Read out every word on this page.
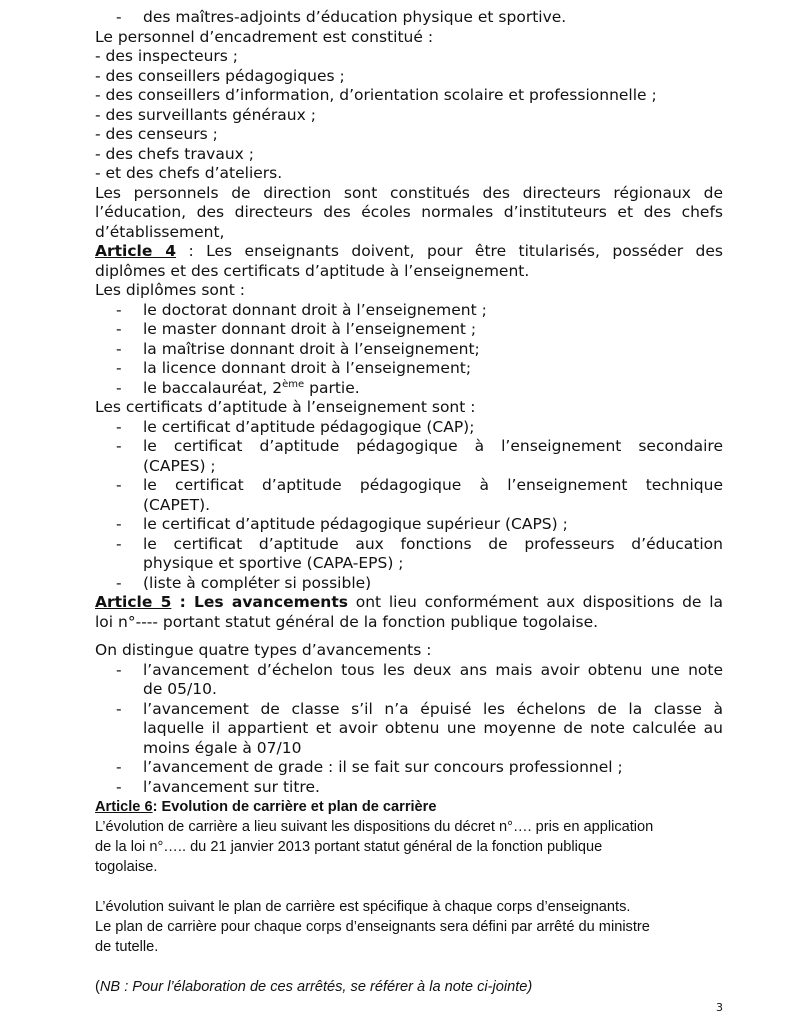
- des maîtres-adjoints d’éducation physique et sportive.

Le personnel d’encadrement est constitué :

- des inspecteurs ;

- des conseillers pédagogiques ;

- des conseillers d’information, d’orientation scolaire et professionnelle ;

- des surveillants généraux ;

- des censeurs ;

- des chefs travaux ;

- et des chefs d’ateliers.

Les personnels de direction sont constitués des directeurs régionaux de

l’éducation, des directeurs des écoles normales d’instituteurs et des chefs

d’établissement,

Article 4 : Les enseignants doivent, pour être titularisés, posséder des

diplômes et des certificats d’aptitude à l’enseignement.

Les diplômes sont :

- le doctorat donnant droit à l’enseignement ;

- le master donnant droit à l’enseignement ;

- la maîtrise donnant droit à l’enseignement;

- la licence donnant droit à l’enseignement;

- le baccalauréat, 2ème partie.

Les certificats d’aptitude à l’enseignement sont :

- le certificat d’aptitude pédagogique (CAP);

- le certificat d’aptitude pédagogique à l’enseignement secondaire

(CAPES) ;

- le certificat d’aptitude pédagogique à l’enseignement technique

(CAPET).

- le certificat d’aptitude pédagogique supérieur (CAPS) ;

- le certificat d’aptitude aux fonctions de professeurs d’éducation

physique et sportive (CAPA-EPS) ;

- (liste à compléter si possible)

Article 5 : Les avancements ont lieu conformément aux dispositions de la

loi n°---- portant statut général de la fonction publique togolaise.

On distingue quatre types d’avancements :

- l’avancement d’échelon tous les deux ans mais avoir obtenu une note

de 05/10.

- l’avancement de classe s’il n’a épuisé les échelons de la classe à

laquelle il appartient et avoir obtenu une moyenne de note calculée au

moins égale à 07/10

- l’avancement de grade : il se fait sur concours professionnel ;

- l’avancement sur titre.

Article 6: Evolution de carrière et plan de carrière

L’évolution de carrière a lieu suivant les dispositions du décret n°…. pris en application

de la loi n°….. du 21 janvier 2013 portant statut général de la fonction publique

togolaise.

L’évolution suivant le plan de carrière est spécifique à chaque corps d’enseignants.

Le plan de carrière pour chaque corps d’enseignants sera défini par arrêté du ministre

de tutelle.

(NB : Pour l’élaboration de ces arrêtés, se référer à la note ci-jointe)

3
